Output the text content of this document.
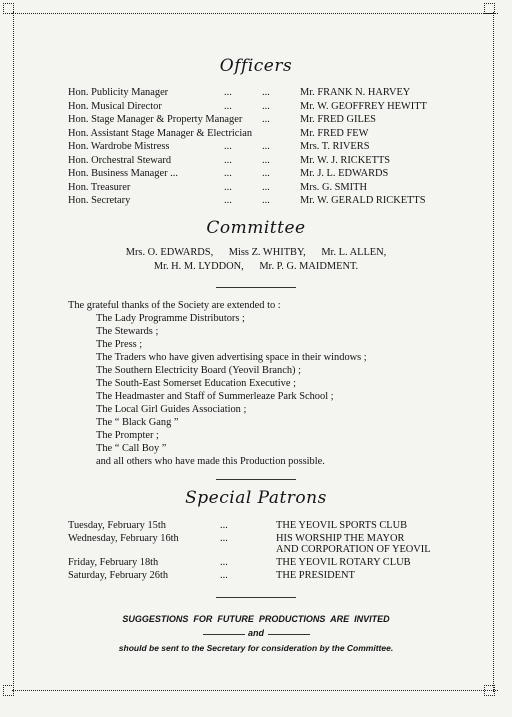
Officers
Hon. Publicity Manager	...	...	Mr. FRANK N. HARVEY
Hon. Musical Director	...	...	Mr. W. GEOFFREY HEWITT
Hon. Stage Manager & Property Manager ...	Mr. FRED GILES
Hon. Assistant Stage Manager & Electrician	Mr. FRED FEW
Hon. Wardrobe Mistress	...	...	Mrs. T. RIVERS
Hon. Orchestral Steward	...	...	Mr. W. J. RICKETTS
Hon. Business Manager ...	...	...	Mr. J. L. EDWARDS
Hon. Treasurer	...	...	Mrs. G. SMITH
Hon. Secretary	...	...	Mr. W. GERALD RICKETTS
Committee
Mrs. O. EDWARDS,      Miss Z. WHITBY,      Mr. L. ALLEN,
Mr. H. M. LYDDON,      Mr. P. G. MAIDMENT.
The grateful thanks of the Society are extended to :
The Lady Programme Distributors ;
The Stewards ;
The Press ;
The Traders who have given advertising space in their windows ;
The Southern Electricity Board (Yeovil Branch) ;
The South-East Somerset Education Executive ;
The Headmaster and Staff of Summerleaze Park School ;
The Local Girl Guides Association ;
The “ Black Gang ”
The Prompter ;
The “ Call Boy ”
and all others who have made this Production possible.
Special Patrons
Tuesday, February 15th	...	THE YEOVIL SPORTS CLUB
Wednesday, February 16th	...	HIS WORSHIP THE MAYOR
AND CORPORATION OF YEOVIL
Friday, February 18th	...	THE YEOVIL ROTARY CLUB
Saturday, February 26th	...	THE PRESIDENT
SUGGESTIONS  FOR  FUTURE  PRODUCTIONS  ARE  INVITED
and
should be sent to the Secretary for consideration by the Committee.
